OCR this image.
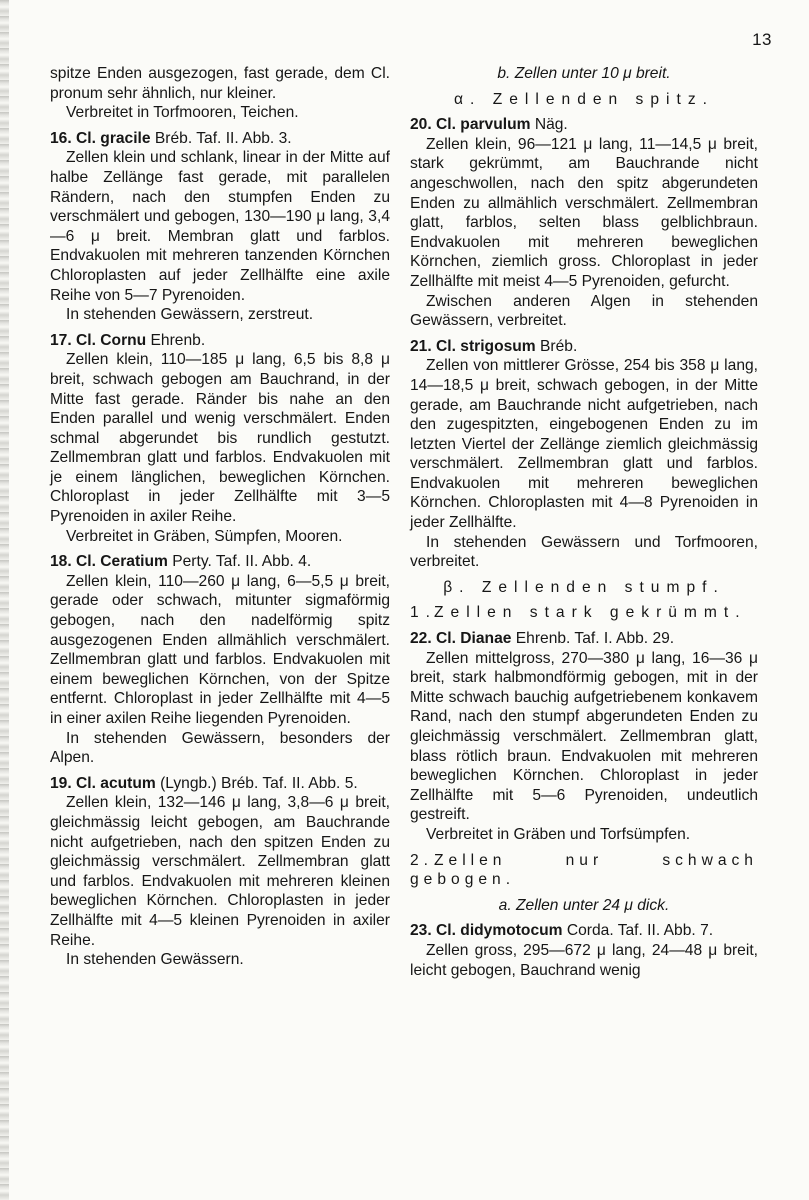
13

spitze Enden ausgezogen, fast gerade, dem Cl. pronum sehr ähnlich, nur kleiner.

Verbreitet in Torfmooren, Teichen.

16. Cl. gracile Bréb. Taf. II. Abb. 3.

Zellen klein und schlank, linear in der Mitte auf halbe Zellänge fast gerade, mit parallelen Rändern, nach den stumpfen Enden zu verschmälert und gebogen, 130—190 μ lang, 3,4—6 μ breit. Membran glatt und farblos. Endvakuolen mit mehreren tanzenden Körnchen Chloroplasten auf jeder Zellhälfte eine axile Reihe von 5—7 Pyrenoiden.

In stehenden Gewässern, zerstreut.

17. Cl. Cornu Ehrenb.

Zellen klein, 110—185 μ lang, 6,5 bis 8,8 μ breit, schwach gebogen am Bauchrand, in der Mitte fast gerade. Ränder bis nahe an den Enden parallel und wenig verschmälert. Enden schmal abgerundet bis rundlich gestutzt. Zellmembran glatt und farblos. Endvakuolen mit je einem länglichen, beweglichen Körnchen. Chloroplast in jeder Zellhälfte mit 3—5 Pyrenoiden in axiler Reihe.

Verbreitet in Gräben, Sümpfen, Mooren.

18. Cl. Ceratium Perty. Taf. II. Abb. 4.

Zellen klein, 110—260 μ lang, 6—5,5 μ breit, gerade oder schwach, mitunter sigmaförmig gebogen, nach den nadelförmig spitz ausgezogenen Enden allmählich verschmälert. Zellmembran glatt und farblos. Endvakuolen mit einem beweglichen Körnchen, von der Spitze entfernt. Chloroplast in jeder Zellhälfte mit 4—5 in einer axilen Reihe liegenden Pyrenoiden.

In stehenden Gewässern, besonders der Alpen.

19. Cl. acutum (Lyngb.) Bréb. Taf. II. Abb. 5.

Zellen klein, 132—146 μ lang, 3,8—6 μ breit, gleichmässig leicht gebogen, am Bauchrande nicht aufgetrieben, nach den spitzen Enden zu gleichmässig verschmälert. Zellmembran glatt und farblos. Endvakuolen mit mehreren kleinen beweglichen Körnchen. Chloroplasten in jeder Zellhälfte mit 4—5 kleinen Pyrenoiden in axiler Reihe.

In stehenden Gewässern.

b. Zellen unter 10 μ breit.

α. Zellenden spitz.

20. Cl. parvulum Näg.

Zellen klein, 96—121 μ lang, 11—14,5 μ breit, stark gekrümmt, am Bauchrande nicht angeschwollen, nach den spitz abgerundeten Enden zu allmählich verschmälert. Zellmembran glatt, farblos, selten blass gelblichbraun. Endvakuolen mit mehreren beweglichen Körnchen, ziemlich gross. Chloroplast in jeder Zellhälfte mit meist 4—5 Pyrenoiden, gefurcht.

Zwischen anderen Algen in stehenden Gewässern, verbreitet.

21. Cl. strigosum Bréb.

Zellen von mittlerer Grösse, 254 bis 358 μ lang, 14—18,5 μ breit, schwach gebogen, in der Mitte gerade, am Bauchrande nicht aufgetrieben, nach den zugespitzten, eingebogenen Enden zu im letzten Viertel der Zellänge ziemlich gleichmässig verschmälert. Zellmembran glatt und farblos. Endvakuolen mit mehreren beweglichen Körnchen. Chloroplasten mit 4—8 Pyrenoiden in jeder Zellhälfte.

In stehenden Gewässern und Torfmooren, verbreitet.

β. Zellenden stumpf.

1.Zellen stark gekrümmt.

22. Cl. Dianae Ehrenb. Taf. I. Abb. 29.

Zellen mittelgross, 270—380 μ lang, 16—36 μ breit, stark halbmondförmig gebogen, mit in der Mitte schwach bauchig aufgetriebenem konkavem Rand, nach den stumpf abgerundeten Enden zu gleichmässig verschmälert. Zellmembran glatt, blass rötlich braun. Endvakuolen mit mehreren beweglichen Körnchen. Chloroplast in jeder Zellhälfte mit 5—6 Pyrenoiden, undeutlich gestreift.

Verbreitet in Gräben und Torfsümpfen.

2.Zellen nur schwach gebogen.

a. Zellen unter 24 μ dick.

23. Cl. didymotocum Corda. Taf. II. Abb. 7.

Zellen gross, 295—672 μ lang, 24—48 μ breit, leicht gebogen, Bauchrand wenig
